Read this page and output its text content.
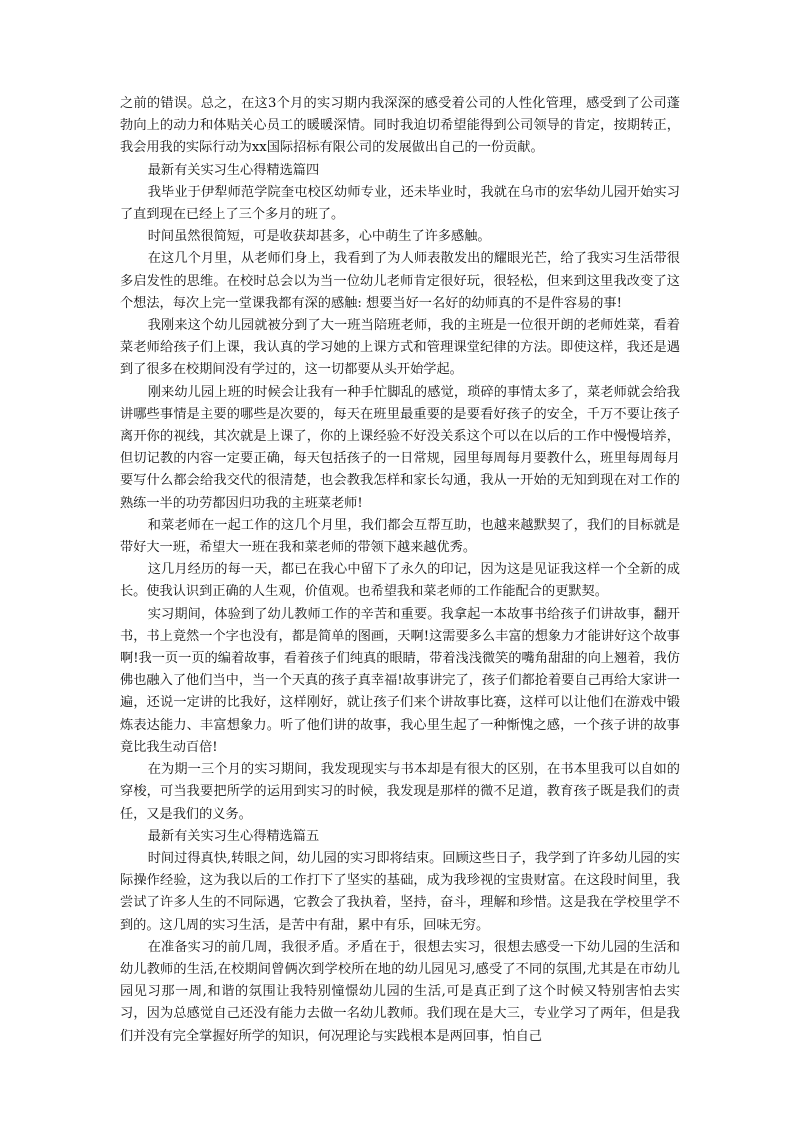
之前的错误。总之，在这3个月的实习期内我深深的感受着公司的人性化管理，感受到了公司蓬勃向上的动力和体贴关心员工的暖暖深情。同时我迫切希望能得到公司领导的肯定，按期转正，我会用我的实际行动为xx国际招标有限公司的发展做出自己的一份贡献。

最新有关实习生心得精选篇四

我毕业于伊犁师范学院奎屯校区幼师专业，还未毕业时，我就在乌市的宏华幼儿园开始实习了直到现在已经上了三个多月的班了。

时间虽然很简短，可是收获却甚多，心中萌生了许多感触。

在这几个月里，从老师们身上，我看到了为人师表散发出的耀眼光芒，给了我实习生活带很多启发性的思维。在校时总会以为当一位幼儿老师肯定很好玩，很轻松，但来到这里我改变了这个想法，每次上完一堂课我都有深的感触: 想要当好一名好的幼师真的不是件容易的事!

我刚来这个幼儿园就被分到了大一班当陪班老师，我的主班是一位很开朗的老师姓菜，看着菜老师给孩子们上课，我认真的学习她的上课方式和管理课堂纪律的方法。即使这样，我还是遇到了很多在校期间没有学过的，这一切都要从头开始学起。

刚来幼儿园上班的时候会让我有一种手忙脚乱的感觉，琐碎的事情太多了，菜老师就会给我讲哪些事情是主要的哪些是次要的，每天在班里最重要的是要看好孩子的安全，千万不要让孩子离开你的视线，其次就是上课了，你的上课经验不好没关系这个可以在以后的工作中慢慢培养，但切记教的内容一定要正确，每天包括孩子的一日常规，园里每周每月要教什么，班里每周每月要写什么都会给我交代的很清楚，也会教我怎样和家长勾通，我从一开始的无知到现在对工作的熟练一半的功劳都因归功我的主班菜老师!

和菜老师在一起工作的这几个月里，我们都会互帮互助，也越来越默契了，我们的目标就是带好大一班，希望大一班在我和菜老师的带领下越来越优秀。

这几月经历的每一天，都已在我心中留下了永久的印记，因为这是见证我这样一个全新的成长。使我认识到正确的人生观，价值观。也希望我和菜老师的工作能配合的更默契。

实习期间，体验到了幼儿教师工作的辛苦和重要。我拿起一本故事书给孩子们讲故事，翻开书，书上竟然一个字也没有，都是简单的图画，天啊!这需要多么丰富的想象力才能讲好这个故事啊!我一页一页的编着故事，看着孩子们纯真的眼睛，带着浅浅微笑的嘴角甜甜的向上翘着，我仿佛也融入了他们当中，当一个天真的孩子真幸福!故事讲完了，孩子们都抢着要自己再给大家讲一遍，还说一定讲的比我好，这样刚好，就让孩子们来个讲故事比赛，这样可以让他们在游戏中锻炼表达能力、丰富想象力。听了他们讲的故事，我心里生起了一种惭愧之感，一个孩子讲的故事竟比我生动百倍!

在为期一三个月的实习期间，我发现现实与书本却是有很大的区别，在书本里我可以自如的穿梭，可当我要把所学的运用到实习的时候，我发现是那样的微不足道，教育孩子既是我们的责任，又是我们的义务。

最新有关实习生心得精选篇五

时间过得真快,转眼之间，幼儿园的实习即将结束。回顾这些日子，我学到了许多幼儿园的实际操作经验，这为我以后的工作打下了坚实的基础，成为我珍视的宝贵财富。在这段时间里，我尝试了许多人生的不同际遇，它教会了我执着，坚持，奋斗，理解和珍惜。这是我在学校里学不到的。这几周的实习生活，是苦中有甜，累中有乐，回味无穷。

在准备实习的前几周，我很矛盾。矛盾在于，很想去实习，很想去感受一下幼儿园的生活和幼儿教师的生活,在校期间曾俩次到学校所在地的幼儿园见习,感受了不同的氛围,尤其是在市幼儿园见习那一周,和谐的氛围让我特别憧憬幼儿园的生活,可是真正到了这个时候又特别害怕去实习，因为总感觉自己还没有能力去做一名幼儿教师。我们现在是大三，专业学习了两年，但是我们并没有完全掌握好所学的知识，何况理论与实践根本是两回事，怕自己
